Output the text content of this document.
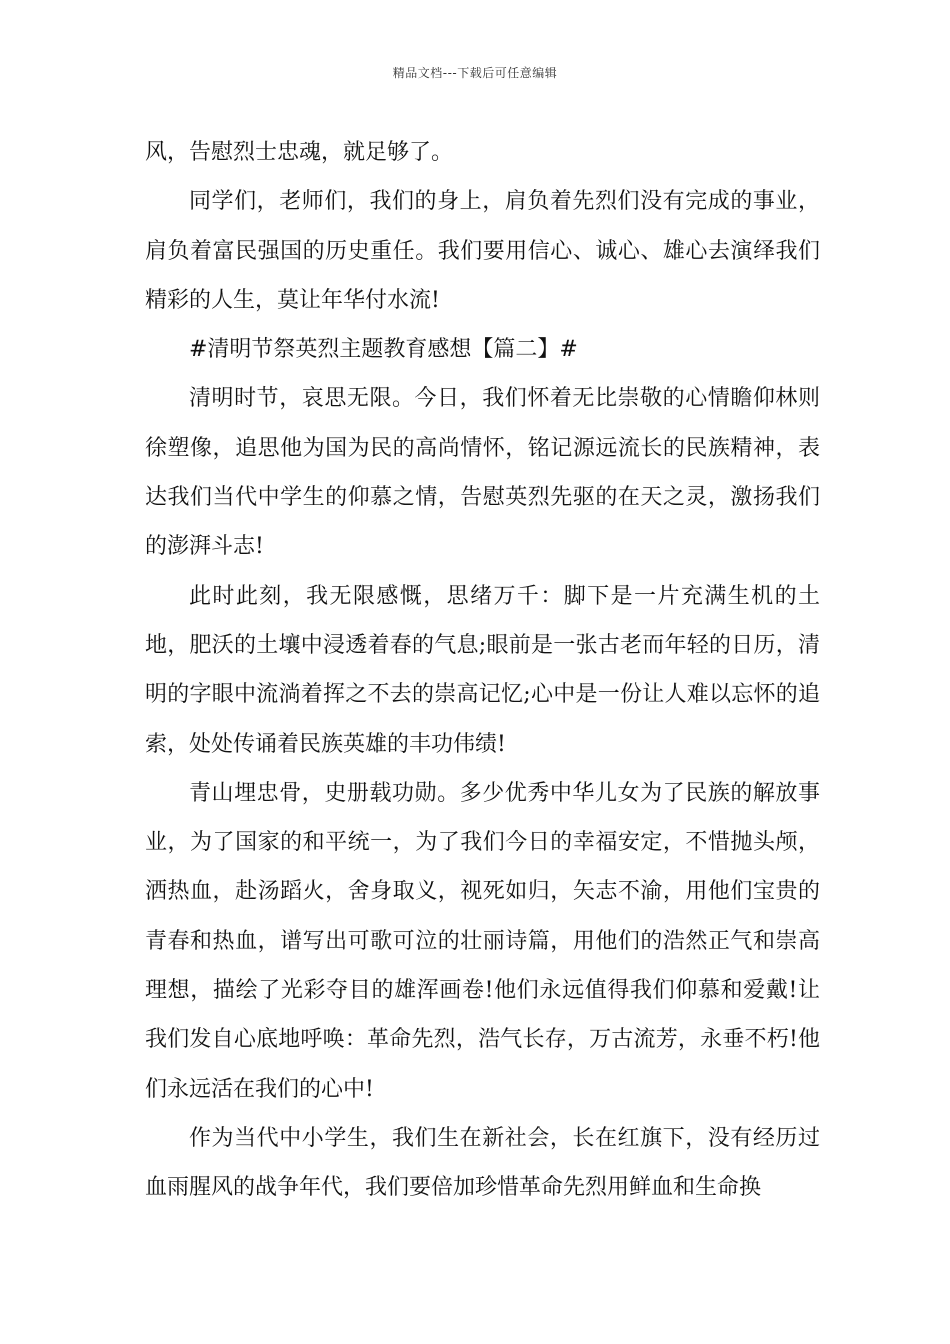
精品文档---下载后可任意编辑

风，告慰烈士忠魂，就足够了。

同学们，老师们，我们的身上，肩负着先烈们没有完成的事业，肩负着富民强国的历史重任。我们要用信心、诚心、雄心去演绎我们精彩的人生，莫让年华付水流!

#清明节祭英烈主题教育感想【篇二】#

清明时节，哀思无限。今日，我们怀着无比崇敬的心情瞻仰林则徐塑像，追思他为国为民的高尚情怀，铭记源远流长的民族精神，表达我们当代中学生的仰慕之情，告慰英烈先驱的在天之灵，激扬我们的澎湃斗志!

此时此刻，我无限感慨，思绪万千：脚下是一片充满生机的土地，肥沃的土壤中浸透着春的气息;眼前是一张古老而年轻的日历，清明的字眼中流淌着挥之不去的崇高记忆;心中是一份让人难以忘怀的追索，处处传诵着民族英雄的丰功伟绩!

青山埋忠骨，史册载功勋。多少优秀中华儿女为了民族的解放事业，为了国家的和平统一，为了我们今日的幸福安定，不惜抛头颅，洒热血，赴汤蹈火，舍身取义，视死如归，矢志不渝，用他们宝贵的青春和热血，谱写出可歌可泣的壮丽诗篇，用他们的浩然正气和崇高理想，描绘了光彩夺目的雄浑画卷!他们永远值得我们仰慕和爱戴!让我们发自心底地呼唤：革命先烈，浩气长存，万古流芳，永垂不朽!他们永远活在我们的心中!

作为当代中小学生，我们生在新社会，长在红旗下，没有经历过血雨腥风的战争年代，我们要倍加珍惜革命先烈用鲜血和生命换
